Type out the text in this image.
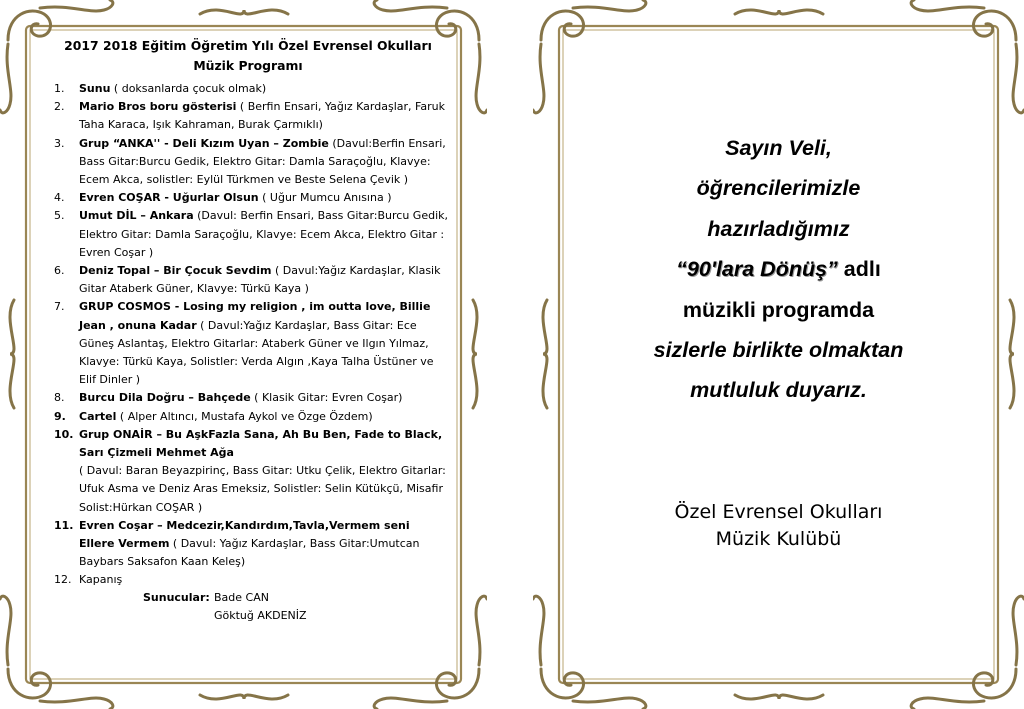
2017 2018 Eğitim Öğretim Yılı Özel Evrensel Okulları
Müzik Programı
1. Sunu ( doksanlarda çocuk olmak)
2. Mario Bros boru gösterisi ( Berfin Ensari, Yağız Kardaşlar, Faruk Taha Karaca, Işık Kahraman, Burak Çarmıklı)
3. Grup “ANKA'' - Deli Kızım Uyan – Zombie (Davul:Berfin Ensari, Bass Gitar:Burcu Gedik, Elektro Gitar: Damla Saraçoğlu, Klavye: Ecem Akca, solistler: Eylül Türkmen ve Beste Selena Çevik )
4. Evren COŞAR - Uğurlar Olsun ( Uğur Mumcu Anısına )
5. Umut DİL – Ankara (Davul: Berfin Ensari, Bass Gitar:Burcu Gedik, Elektro Gitar: Damla Saraçoğlu, Klavye: Ecem Akca, Elektro Gitar : Evren Coşar )
6. Deniz Topal – Bir Çocuk Sevdim ( Davul:Yağız Kardaşlar, Klasik Gitar Ataberk Güner, Klavye: Türkü Kaya )
7. GRUP COSMOS - Losing my religion , im outta love, Billie Jean , onuna Kadar ( Davul:Yağız Kardaşlar, Bass Gitar: Ece Güneş Aslantaş, Elektro Gitarlar: Ataberk Güner ve Ilgın Yılmaz, Klavye: Türkü Kaya, Solistler: Verda Algın ,Kaya Talha Üstüner ve Elif Dinler )
8. Burcu Dila Doğru – Bahçede ( Klasik Gitar: Evren Coşar)
9. Cartel ( Alper Altıncı, Mustafa Aykol ve Özge Özdem)
10. Grup ONAİR – Bu AşkFazla Sana, Ah Bu Ben, Fade to Black, Sarı Çizmeli Mehmet Ağa
( Davul: Baran Beyazpirinç, Bass Gitar: Utku Çelik, Elektro Gitarlar: Ufuk Asma ve Deniz Aras Emeksiz, Solistler: Selin Kütükçü, Misafir Solist:Hürkan COŞAR )
11. Evren Coşar – Medcezir,Kandırdım,Tavla,Vermem seni Ellere Vermem ( Davul: Yağız Kardaşlar, Bass Gitar:Umutcan Baybars Saksafon Kaan Keleş)
12. Kapanış
Sunucular: Bade CAN
Göktuğ AKDENİZ
Sayın Veli,
öğrencilerimizle
hazırladığımız
“90'lara Dönüş” adlı
müzikli programda
sizlerle birlikte olmaktan
mutluluk duyarız.
Özel Evrensel Okulları
Müzik Kulübü
